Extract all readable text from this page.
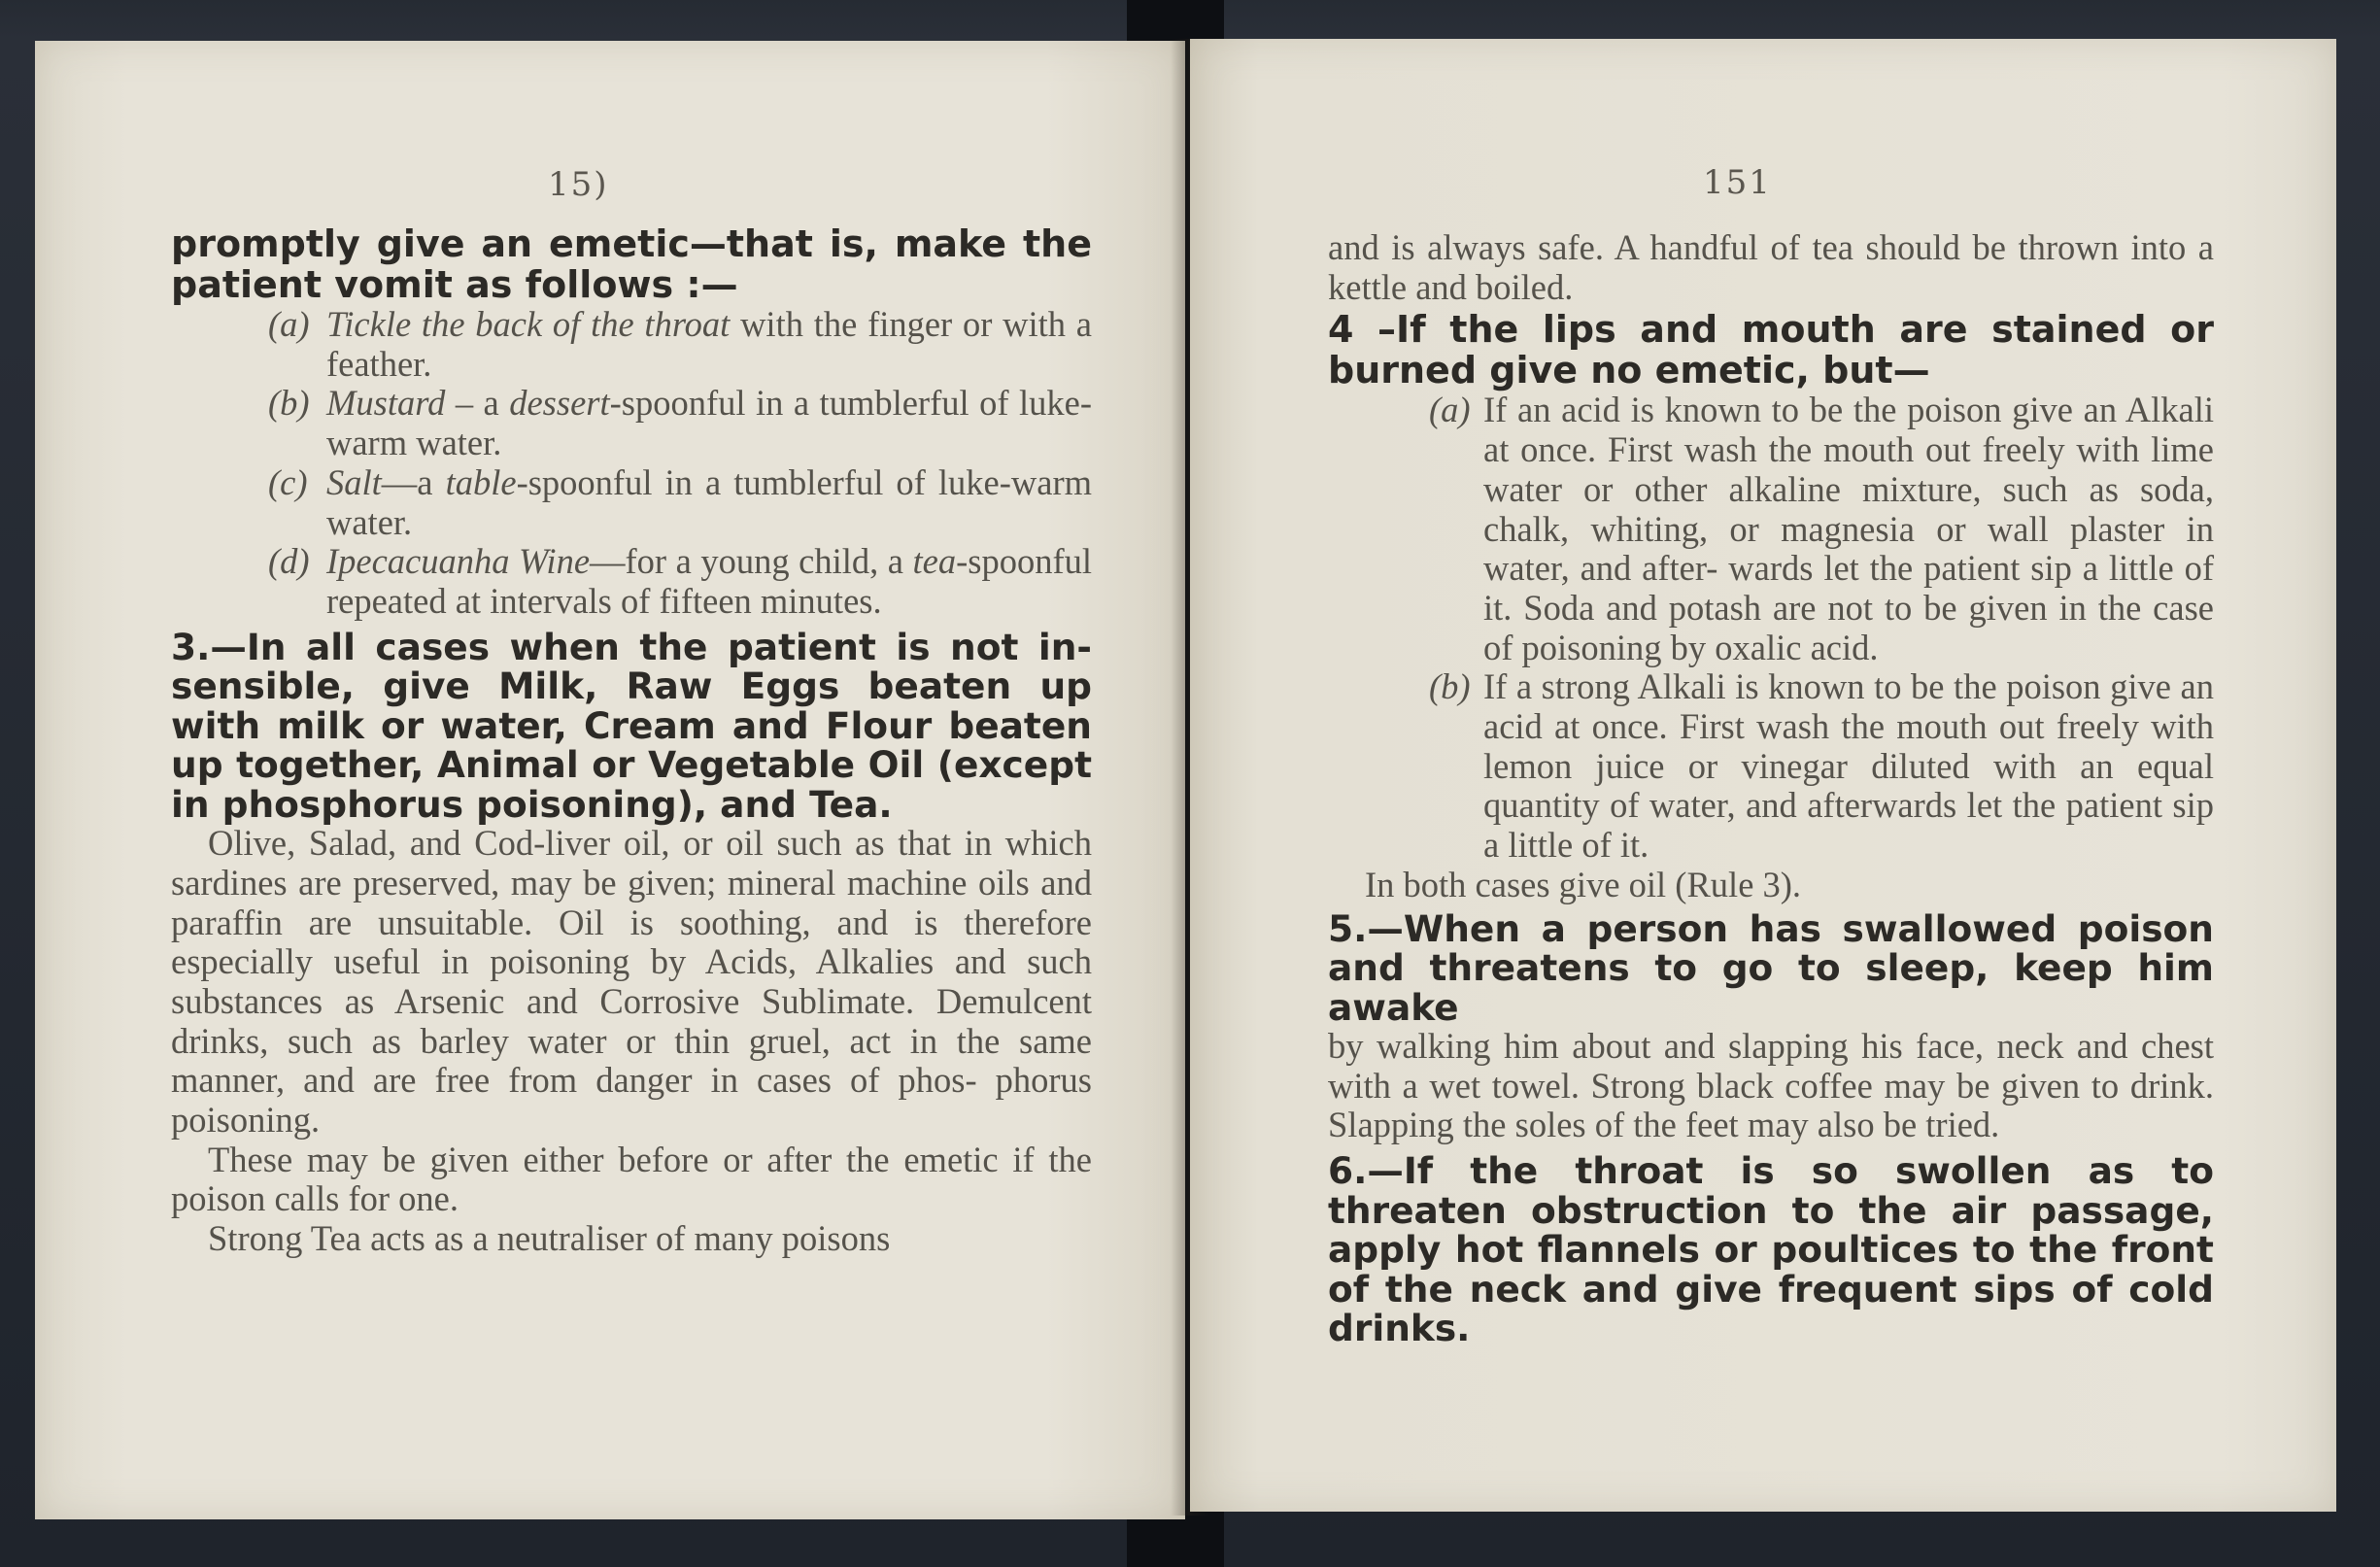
15)

promptly give an emetic—that is, make the patient vomit as follows :—

(a) Tickle the back of the throat with the finger or with a feather.

(b) Mustard – a dessert-spoonful in a tumblerful of luke-warm water.

(c) Salt—a table-spoonful in a tumblerful of luke-warm water.

(d) Ipecacuanha Wine—for a young child, a tea-spoonful repeated at intervals of fifteen minutes.

3.—In all cases when the patient is not in- sensible, give Milk, Raw Eggs beaten up with milk or water, Cream and Flour beaten up together, Animal or Vegetable Oil (except in phosphorus poisoning), and Tea.

Olive, Salad, and Cod-liver oil, or oil such as that in which sardines are preserved, may be given; mineral machine oils and paraffin are unsuitable. Oil is soothing, and is therefore especially useful in poisoning by Acids, Alkalies and such substances as Arsenic and Corrosive Sublimate. Demulcent drinks, such as barley water or thin gruel, act in the same manner, and are free from danger in cases of phos- phorus poisoning.

These may be given either before or after the emetic if the poison calls for one.

Strong Tea acts as a neutraliser of many poisons

151

and is always safe. A handful of tea should be thrown into a kettle and boiled.

4 –If the lips and mouth are stained or burned give no emetic, but—

(a) If an acid is known to be the poison give an Alkali at once. First wash the mouth out freely with lime water or other alkaline mixture, such as soda, chalk, whiting, or magnesia or wall plaster in water, and after- wards let the patient sip a little of it. Soda and potash are not to be given in the case of poisoning by oxalic acid.

(b) If a strong Alkali is known to be the poison give an acid at once. First wash the mouth out freely with lemon juice or vinegar diluted with an equal quantity of water, and afterwards let the patient sip a little of it.

In both cases give oil (Rule 3).

5.—When a person has swallowed poison and threatens to go to sleep, keep him awake

by walking him about and slapping his face, neck and chest with a wet towel. Strong black coffee may be given to drink. Slapping the soles of the feet may also be tried.

6.—If the throat is so swollen as to threaten obstruction to the air passage, apply hot flannels or poultices to the front of the neck and give frequent sips of cold drinks.
